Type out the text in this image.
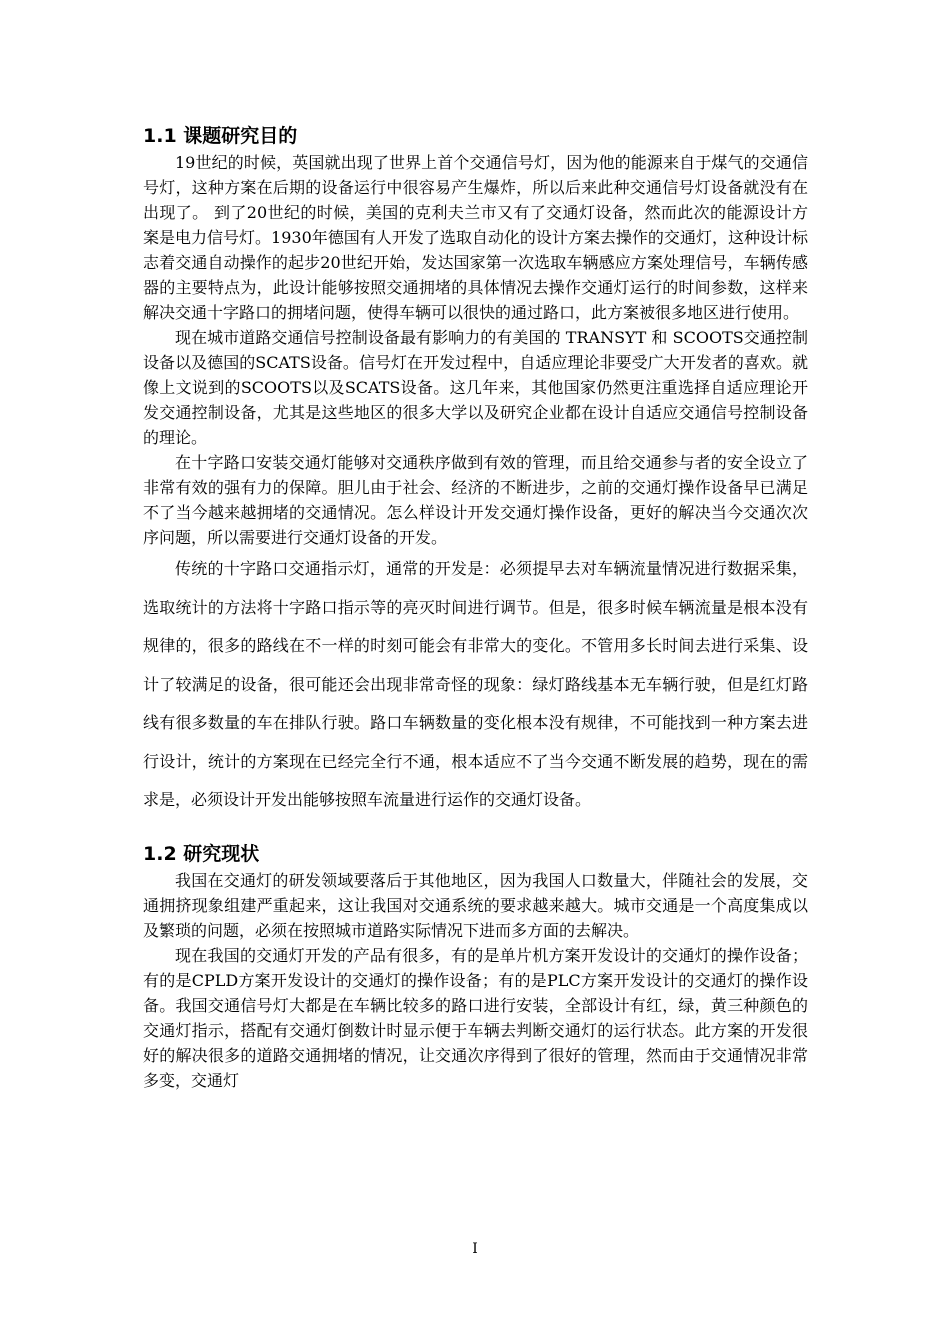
1.1 课题研究目的

19世纪的时候，英国就出现了世界上首个交通信号灯，因为他的能源来自于煤气的交通信号灯，这种方案在后期的设备运行中很容易产生爆炸，所以后来此种交通信号灯设备就没有在出现了。 到了20世纪的时候，美国的克利夫兰市又有了交通灯设备，然而此次的能源设计方案是电力信号灯。1930年德国有人开发了选取自动化的设计方案去操作的交通灯，这种设计标志着交通自动操作的起步20世纪开始，发达国家第一次选取车辆感应方案处理信号，车辆传感器的主要特点为，此设计能够按照交通拥堵的具体情况去操作交通灯运行的时间参数，这样来解决交通十字路口的拥堵问题，使得车辆可以很快的通过路口，此方案被很多地区进行使用。

现在城市道路交通信号控制设备最有影响力的有美国的 TRANSYT 和 SCOOTS交通控制设备以及德国的SCATS设备。信号灯在开发过程中，自适应理论非要受广大开发者的喜欢。就像上文说到的SCOOTS以及SCATS设备。这几年来，其他国家仍然更注重选择自适应理论开发交通控制设备，尤其是这些地区的很多大学以及研究企业都在设计自适应交通信号控制设备的理论。

在十字路口安装交通灯能够对交通秩序做到有效的管理，而且给交通参与者的安全设立了非常有效的强有力的保障。胆儿由于社会、经济的不断进步，之前的交通灯操作设备早已满足不了当今越来越拥堵的交通情况。怎么样设计开发交通灯操作设备，更好的解决当今交通次次序问题，所以需要进行交通灯设备的开发。

传统的十字路口交通指示灯，通常的开发是：必须提早去对车辆流量情况进行数据采集，选取统计的方法将十字路口指示等的亮灭时间进行调节。但是，很多时候车辆流量是根本没有规律的，很多的路线在不一样的时刻可能会有非常大的变化。不管用多长时间去进行采集、设计了较满足的设备，很可能还会出现非常奇怪的现象：绿灯路线基本无车辆行驶，但是红灯路线有很多数量的车在排队行驶。路口车辆数量的变化根本没有规律，不可能找到一种方案去进行设计，统计的方案现在已经完全行不通，根本适应不了当今交通不断发展的趋势，现在的需求是，必须设计开发出能够按照车流量进行运作的交通灯设备。

1.2 研究现状

我国在交通灯的研发领域要落后于其他地区，因为我国人口数量大，伴随社会的发展，交通拥挤现象组建严重起来，这让我国对交通系统的要求越来越大。城市交通是一个高度集成以及繁琐的问题，必须在按照城市道路实际情况下进而多方面的去解决。

现在我国的交通灯开发的产品有很多，有的是单片机方案开发设计的交通灯的操作设备；有的是CPLD方案开发设计的交通灯的操作设备；有的是PLC方案开发设计的交通灯的操作设备。我国交通信号灯大都是在车辆比较多的路口进行安装，全部设计有红，绿，黄三种颜色的交通灯指示，搭配有交通灯倒数计时显示便于车辆去判断交通灯的运行状态。此方案的开发很好的解决很多的道路交通拥堵的情况，让交通次序得到了很好的管理，然而由于交通情况非常多变，交通灯

I
